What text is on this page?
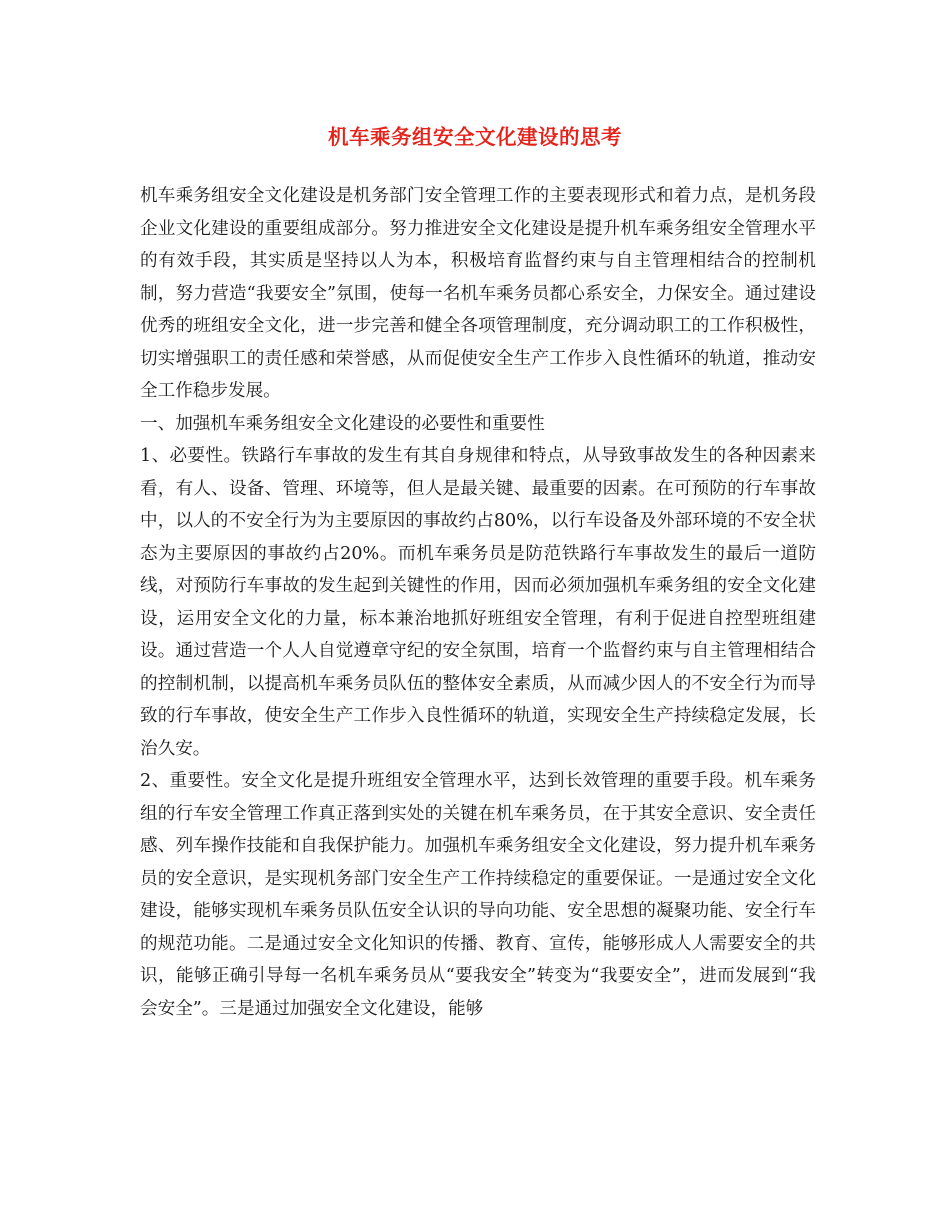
机车乘务组安全文化建设的思考

机车乘务组安全文化建设是机务部门安全管理工作的主要表现形式和着力点，是机务段企业文化建设的重要组成部分。努力推进安全文化建设是提升机车乘务组安全管理水平的有效手段，其实质是坚持以人为本，积极培育监督约束与自主管理相结合的控制机制，努力营造“我要安全”氛围，使每一名机车乘务员都心系安全，力保安全。通过建设优秀的班组安全文化，进一步完善和健全各项管理制度，充分调动职工的工作积极性，切实增强职工的责任感和荣誉感，从而促使安全生产工作步入良性循环的轨道，推动安全工作稳步发展。

一、加强机车乘务组安全文化建设的必要性和重要性

1、必要性。铁路行车事故的发生有其自身规律和特点，从导致事故发生的各种因素来看，有人、设备、管理、环境等，但人是最关键、最重要的因素。在可预防的行车事故中，以人的不安全行为为主要原因的事故约占80%，以行车设备及外部环境的不安全状态为主要原因的事故约占20%。而机车乘务员是防范铁路行车事故发生的最后一道防线，对预防行车事故的发生起到关键性的作用，因而必须加强机车乘务组的安全文化建设，运用安全文化的力量，标本兼治地抓好班组安全管理，有利于促进自控型班组建设。通过营造一个人人自觉遵章守纪的安全氛围，培育一个监督约束与自主管理相结合的控制机制，以提高机车乘务员队伍的整体安全素质，从而减少因人的不安全行为而导致的行车事故，使安全生产工作步入良性循环的轨道，实现安全生产持续稳定发展，长治久安。

2、重要性。安全文化是提升班组安全管理水平，达到长效管理的重要手段。机车乘务组的行车安全管理工作真正落到实处的关键在机车乘务员，在于其安全意识、安全责任感、列车操作技能和自我保护能力。加强机车乘务组安全文化建设，努力提升机车乘务员的安全意识，是实现机务部门安全生产工作持续稳定的重要保证。一是通过安全文化建设，能够实现机车乘务员队伍安全认识的导向功能、安全思想的凝聚功能、安全行车的规范功能。二是通过安全文化知识的传播、教育、宣传，能够形成人人需要安全的共识，能够正确引导每一名机车乘务员从“要我安全”转变为“我要安全”，进而发展到“我会安全”。三是通过加强安全文化建设，能够
